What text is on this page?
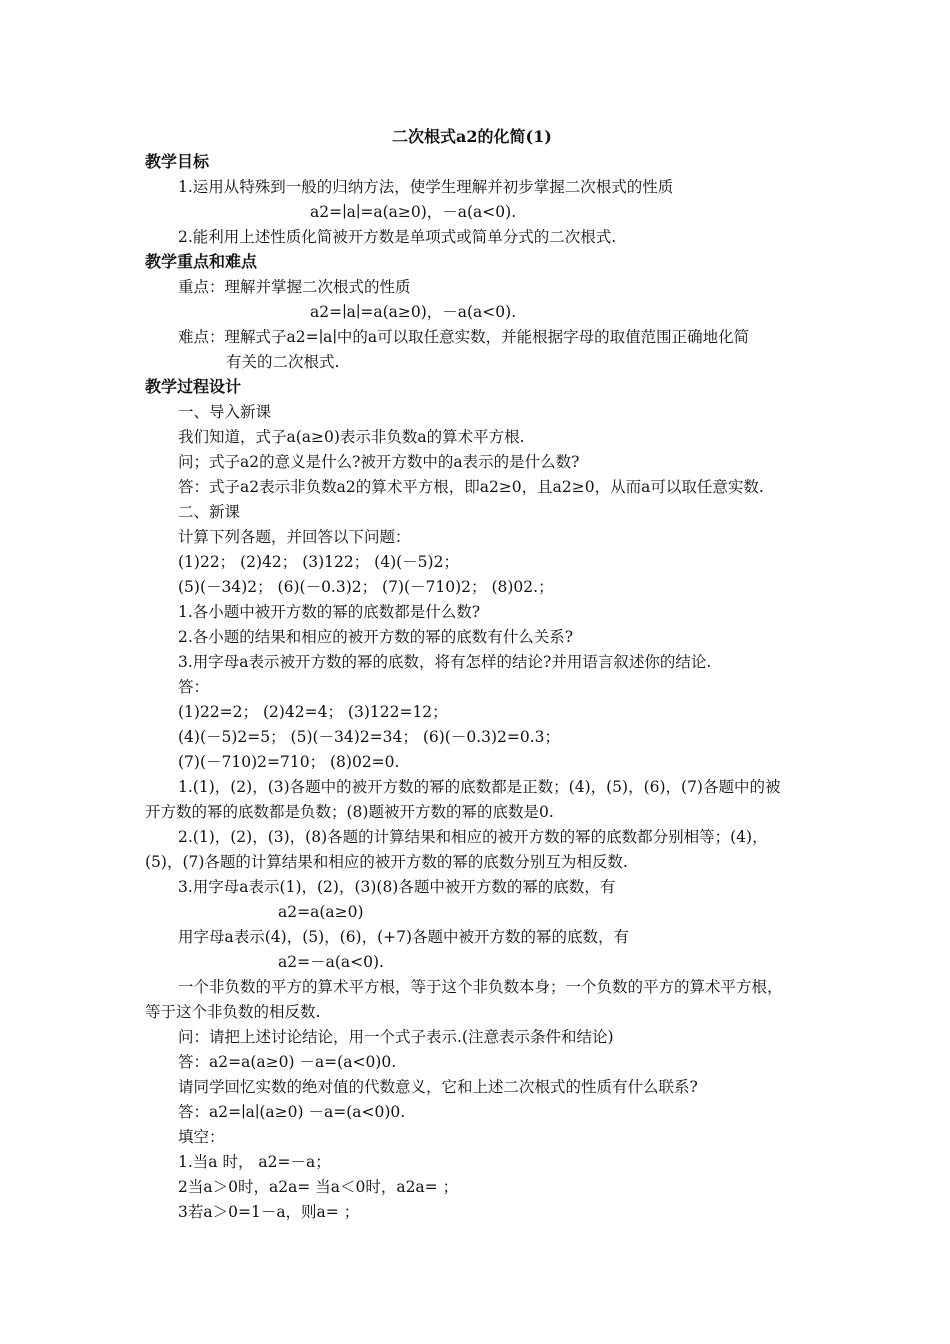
二次根式a2的化简(1)
教学目标
1.运用从特殊到一般的归纳方法，使学生理解并初步掌握二次根式的性质
a2=∣a∣=a(a≥0)，－a(a<0).
2.能利用上述性质化简被开方数是单项式或简单分式的二次根式.
教学重点和难点
重点：理解并掌握二次根式的性质
a2=∣a∣=a(a≥0)，－a(a<0).
难点：理解式子a2=∣a∣中的a可以取任意实数，并能根据字母的取值范围正确地化简
有关的二次根式.
教学过程设计
一、导入新课
我们知道，式子a(a≥0)表示非负数a的算术平方根.
问；式子a2的意义是什么?被开方数中的a表示的是什么数?
答：式子a2表示非负数a2的算术平方根，即a2≥0，且a2≥0，从而a可以取任意实数.
二、新课
计算下列各题，并回答以下问题：
(1)22； (2)42； (3)122； (4)(－5)2；
(5)(－34)2； (6)(－0.3)2； (7)(－710)2； (8)02.；
1.各小题中被开方数的幂的底数都是什么数?
2.各小题的结果和相应的被开方数的幂的底数有什么关系?
3.用字母a表示被开方数的幂的底数，将有怎样的结论?并用语言叙述你的结论.
答：
(1)22=2； (2)42=4； (3)122=12；
(4)(－5)2=5； (5)(－34)2=34； (6)(－0.3)2=0.3；
(7)(－710)2=710； (8)02=0.
1.(1)，(2)，(3)各题中的被开方数的幂的底数都是正数；(4)，(5)，(6)，(7)各题中的被
开方数的幂的底数都是负数；(8)题被开方数的幂的底数是0.
2.(1)，(2)，(3)，(8)各题的计算结果和相应的被开方数的幂的底数都分别相等；(4)，
(5)，(7)各题的计算结果和相应的被开方数的幂的底数分别互为相反数.
3.用字母a表示(1)，(2)，(3)(8)各题中被开方数的幂的底数，有
a2=a(a≥0)
用字母a表示(4)，(5)，(6)，(+7)各题中被开方数的幂的底数，有
a2=－a(a<0).
一个非负数的平方的算术平方根，等于这个非负数本身；一个负数的平方的算术平方根，
等于这个非负数的相反数.
问：请把上述讨论结论，用一个式子表示.(注意表示条件和结论)
答：a2=a(a≥0) －a=(a<0)0.
请同学回忆实数的绝对值的代数意义，它和上述二次根式的性质有什么联系?
答：a2=∣a∣(a≥0) －a=(a<0)0.
填空：
1.当a 时， a2=－a；
2当a＞0时，a2a= 当a＜0时，a2a= ；
3若a＞0=1－a，则a= ；
